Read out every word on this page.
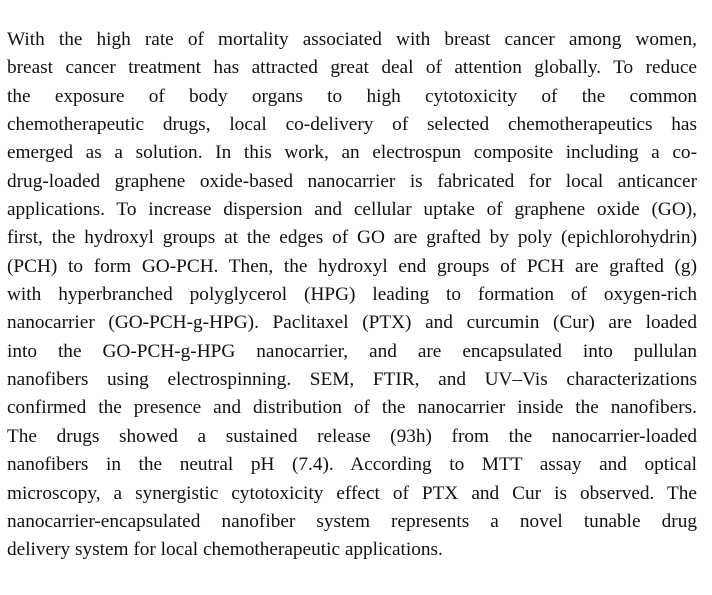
With the high rate of mortality associated with breast cancer among women,
breast cancer treatment has attracted great deal of attention globally. To reduce
the exposure of body organs to high cytotoxicity of the common
chemotherapeutic drugs, local co-delivery of selected chemotherapeutics has
emerged as a solution. In this work, an electrospun composite including a co-
drug-loaded graphene oxide-based nanocarrier is fabricated for local anticancer
applications. To increase dispersion and cellular uptake of graphene oxide (GO),
first, the hydroxyl groups at the edges of GO are grafted by poly (epichlorohydrin)
(PCH) to form GO-PCH. Then, the hydroxyl end groups of PCH are grafted (g)
with hyperbranched polyglycerol (HPG) leading to formation of oxygen-rich
nanocarrier (GO-PCH-g-HPG). Paclitaxel (PTX) and curcumin (Cur) are loaded
into the GO-PCH-g-HPG nanocarrier, and are encapsulated into pullulan
nanofibers using electrospinning. SEM, FTIR, and UV–Vis characterizations
confirmed the presence and distribution of the nanocarrier inside the nanofibers.
The drugs showed a sustained release (93h) from the nanocarrier-loaded
nanofibers in the neutral pH (7.4). According to MTT assay and optical
microscopy, a synergistic cytotoxicity effect of PTX and Cur is observed. The
nanocarrier-encapsulated nanofiber system represents a novel tunable drug
delivery system for local chemotherapeutic applications.
